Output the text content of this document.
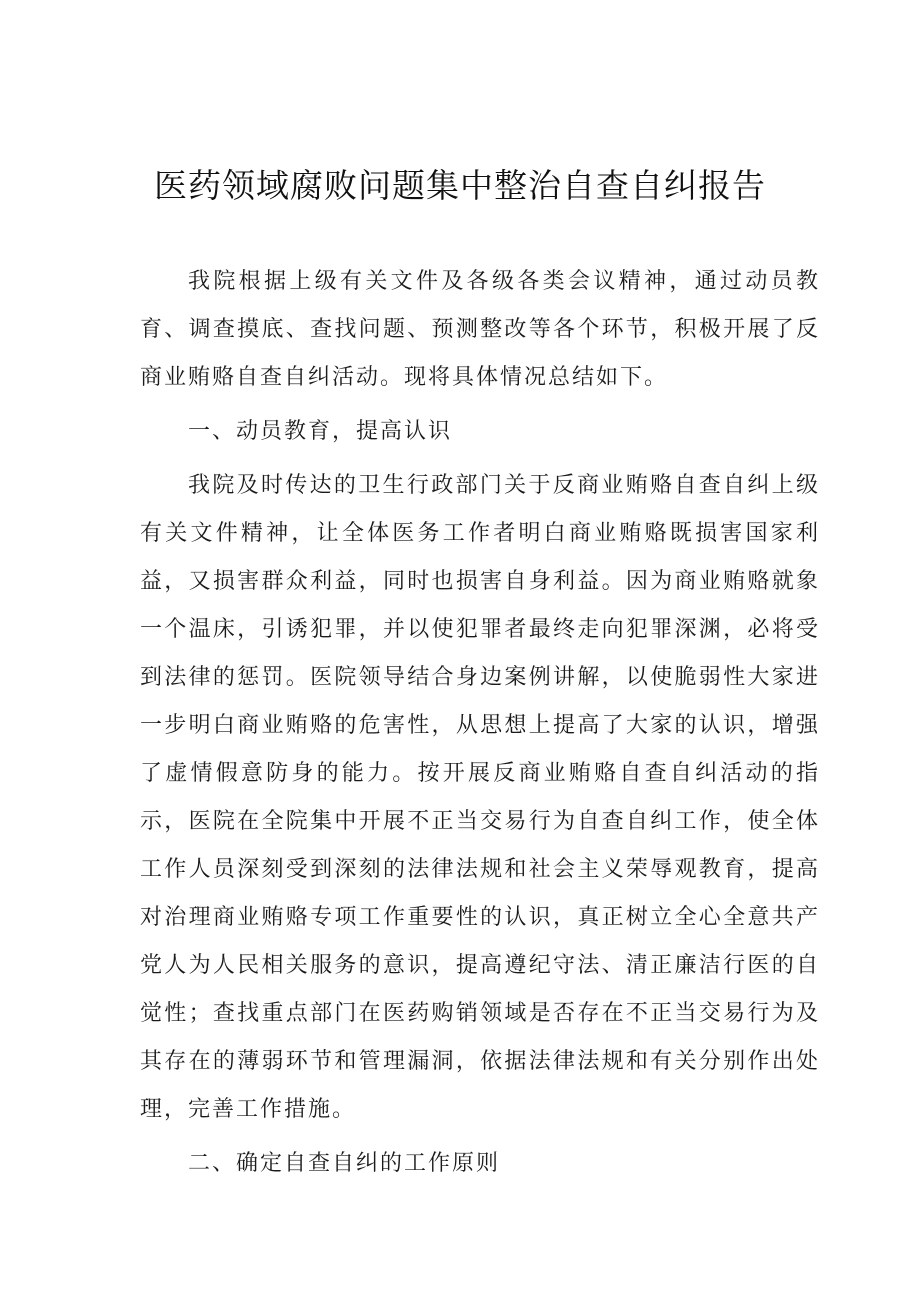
医药领域腐败问题集中整治自查自纠报告

我院根据上级有关文件及各级各类会议精神，通过动员教育、调查摸底、查找问题、预测整改等各个环节，积极开展了反商业贿赂自查自纠活动。现将具体情况总结如下。

一、动员教育，提高认识

我院及时传达的卫生行政部门关于反商业贿赂自查自纠上级有关文件精神，让全体医务工作者明白商业贿赂既损害国家利益，又损害群众利益，同时也损害自身利益。因为商业贿赂就象一个温床，引诱犯罪，并以使犯罪者最终走向犯罪深渊，必将受到法律的惩罚。医院领导结合身边案例讲解，以使脆弱性大家进一步明白商业贿赂的危害性，从思想上提高了大家的认识，增强了虚情假意防身的能力。按开展反商业贿赂自查自纠活动的指示，医院在全院集中开展不正当交易行为自查自纠工作，使全体工作人员深刻受到深刻的法律法规和社会主义荣辱观教育，提高对治理商业贿赂专项工作重要性的认识，真正树立全心全意共产党人为人民相关服务的意识，提高遵纪守法、清正廉洁行医的自觉性；查找重点部门在医药购销领域是否存在不正当交易行为及其存在的薄弱环节和管理漏洞，依据法律法规和有关分别作出处理，完善工作措施。

二、确定自查自纠的工作原则
